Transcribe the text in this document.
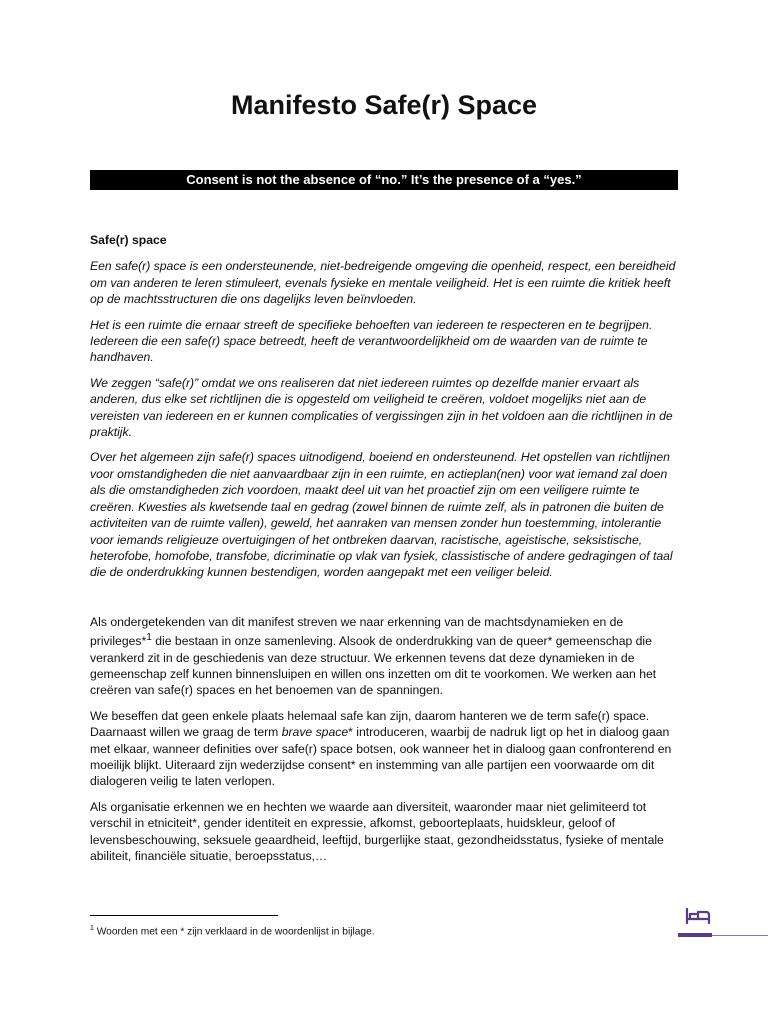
Manifesto Safe(r) Space
Consent is not the absence of “no.” It’s the presence of a “yes.”

Safe(r) space

Een safe(r) space is een ondersteunende, niet-bedreigende omgeving die openheid, respect, een bereidheid om van anderen te leren stimuleert, evenals fysieke en mentale veiligheid. Het is een ruimte die kritiek heeft op de machtsstructuren die ons dagelijks leven beïnvloeden.

Het is een ruimte die ernaar streeft de specifieke behoeften van iedereen te respecteren en te begrijpen. Iedereen die een safe(r) space betreedt, heeft de verantwoordelijkheid om de waarden van de ruimte te handhaven.

We zeggen “safe(r)” omdat we ons realiseren dat niet iedereen ruimtes op dezelfde manier ervaart als anderen, dus elke set richtlijnen die is opgesteld om veiligheid te creëren, voldoet mogelijks niet aan de vereisten van iedereen en er kunnen complicaties of vergissingen zijn in het voldoen aan die richtlijnen in de praktijk.

Over het algemeen zijn safe(r) spaces uitnodigend, boeiend en ondersteunend. Het opstellen van richtlijnen voor omstandigheden die niet aanvaardbaar zijn in een ruimte, en actieplan(nen) voor wat iemand zal doen als die omstandigheden zich voordoen, maakt deel uit van het proactief zijn om een veiligere ruimte te creëren. Kwesties als kwetsende taal en gedrag (zowel binnen de ruimte zelf, als in patronen die buiten de activiteiten van de ruimte vallen), geweld, het aanraken van mensen zonder hun toestemming, intolerantie voor iemands religieuze overtuigingen of het ontbreken daarvan, racistische, ageistische, seksistische, heterofobe, homofobe, transfobe, dicriminatie op vlak van fysiek, classistische of andere gedragingen of taal die de onderdrukking kunnen bestendigen, worden aangepakt met een veiliger beleid.

Als ondergetekenden van dit manifest streven we naar erkenning van de machtsdynamieken en de privileges*$^1$ die bestaan in onze samenleving. Alsook de onderdrukking van de queer* gemeenschap die verankerd zit in de geschiedenis van deze structuur. We erkennen tevens dat deze dynamieken in de gemeenschap zelf kunnen binnensluipen en willen ons inzetten om dit te voorkomen. We werken aan het creëren van safe(r) spaces en het benoemen van de spanningen.

We beseffen dat geen enkele plaats helemaal safe kan zijn, daarom hanteren we de term safe(r) space. Daarnaast willen we graag de term brave space* introduceren, waarbij de nadruk ligt op het in dialoog gaan met elkaar, wanneer definities over safe(r) space botsen, ook wanneer het in dialoog gaan confronterend en moeilijk blijkt. Uiteraard zijn wederzijdse consent* en instemming van alle partijen een voorwaarde om dit dialogeren veilig te laten verlopen.

Als organisatie erkennen we en hechten we waarde aan diversiteit, waaronder maar niet gelimiteerd tot verschil in etniciteit*, gender identiteit en expressie, afkomst, geboorteplaats, huidskleur, geloof of levensbeschouwing, seksuele geaardheid, leeftijd, burgerlijke staat, gezondheidsstatus, fysieke of mentale abiliteit, financiële situatie, beroepsstatus,…

$^1$ Woorden met een * zijn verklaard in de woordenlijst in bijlage.
